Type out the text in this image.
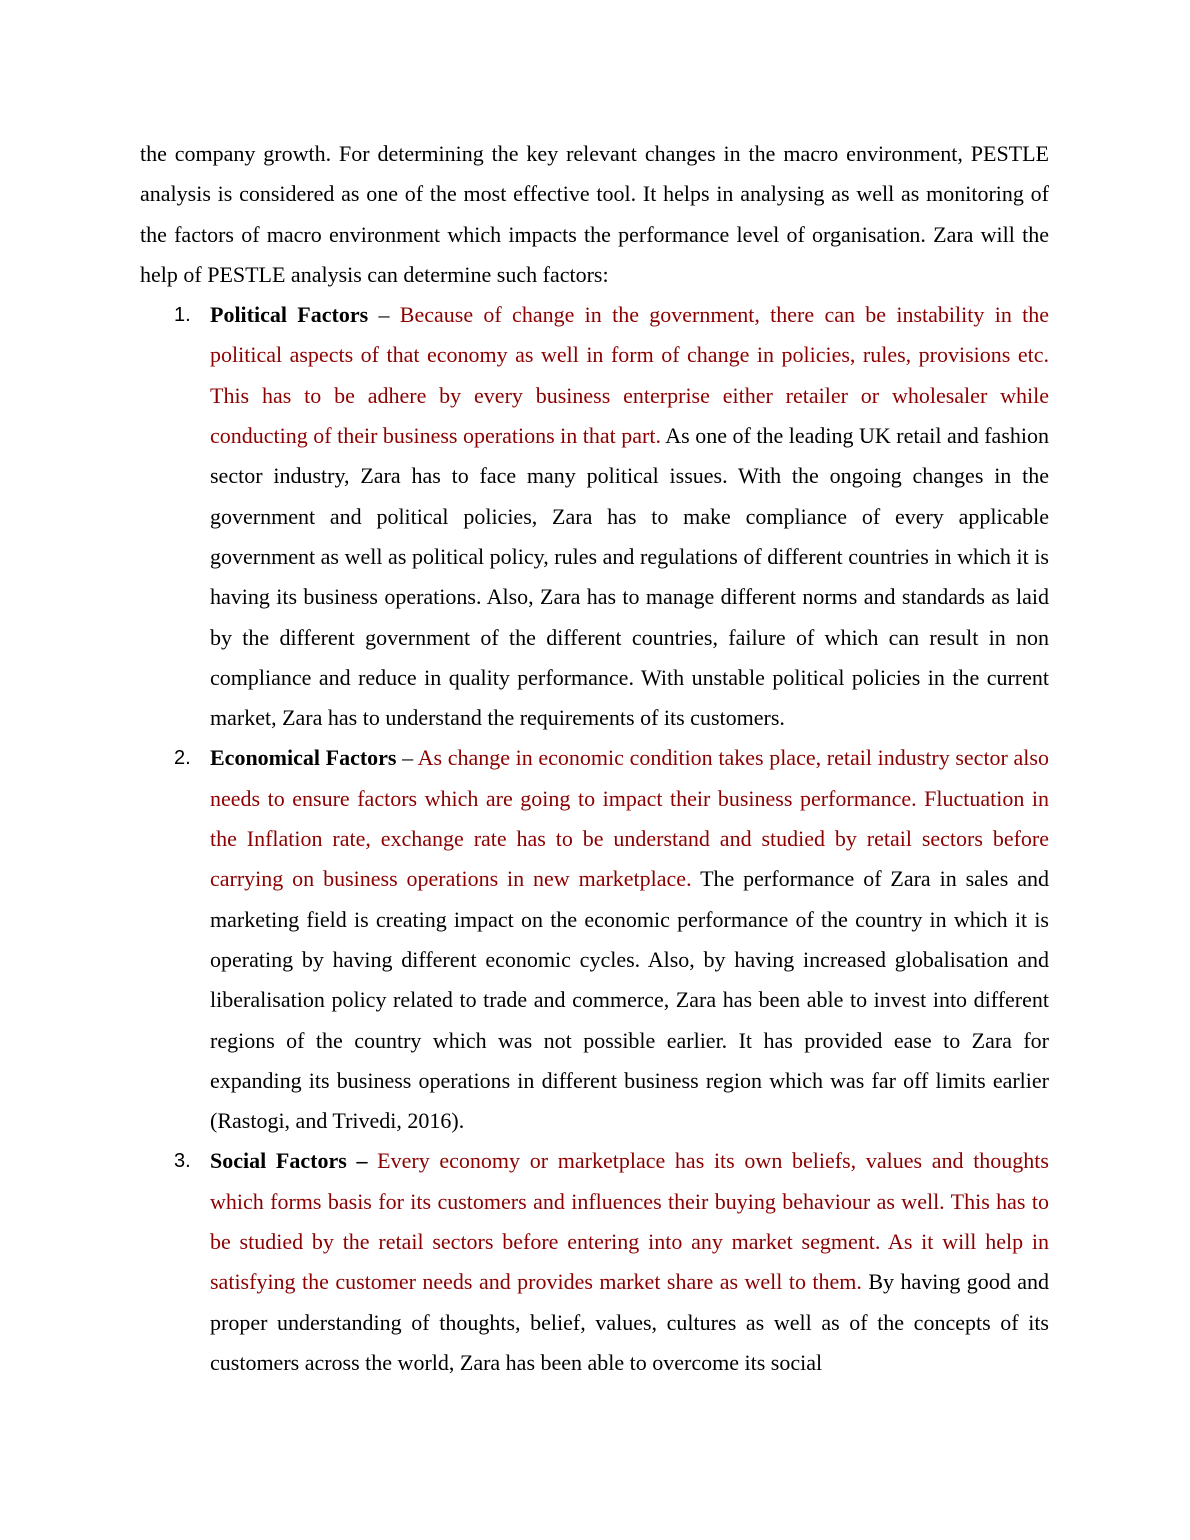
the company growth. For determining the key relevant changes in the macro environment, PESTLE analysis is considered as one of the most effective tool. It helps in analysing as well as monitoring of the factors of macro environment which impacts the performance level of organisation. Zara will the help of PESTLE analysis can determine such factors:

1. Political Factors – Because of change in the government, there can be instability in the political aspects of that economy as well in form of change in policies, rules, provisions etc. This has to be adhere by every business enterprise either retailer or wholesaler while conducting of their business operations in that part. As one of the leading UK retail and fashion sector industry, Zara has to face many political issues. With the ongoing changes in the government and political policies, Zara has to make compliance of every applicable government as well as political policy, rules and regulations of different countries in which it is having its business operations. Also, Zara has to manage different norms and standards as laid by the different government of the different countries, failure of which can result in non compliance and reduce in quality performance. With unstable political policies in the current market, Zara has to understand the requirements of its customers.

2. Economical Factors – As change in economic condition takes place, retail industry sector also needs to ensure factors which are going to impact their business performance. Fluctuation in the Inflation rate, exchange rate has to be understand and studied by retail sectors before carrying on business operations in new marketplace. The performance of Zara in sales and marketing field is creating impact on the economic performance of the country in which it is operating by having different economic cycles. Also, by having increased globalisation and liberalisation policy related to trade and commerce, Zara has been able to invest into different regions of the country which was not possible earlier. It has provided ease to Zara for expanding its business operations in different business region which was far off limits earlier (Rastogi, and Trivedi, 2016).

3. Social Factors – Every economy or marketplace has its own beliefs, values and thoughts which forms basis for its customers and influences their buying behaviour as well. This has to be studied by the retail sectors before entering into any market segment. As it will help in satisfying the customer needs and provides market share as well to them. By having good and proper understanding of thoughts, belief, values, cultures as well as of the concepts of its customers across the world, Zara has been able to overcome its social
